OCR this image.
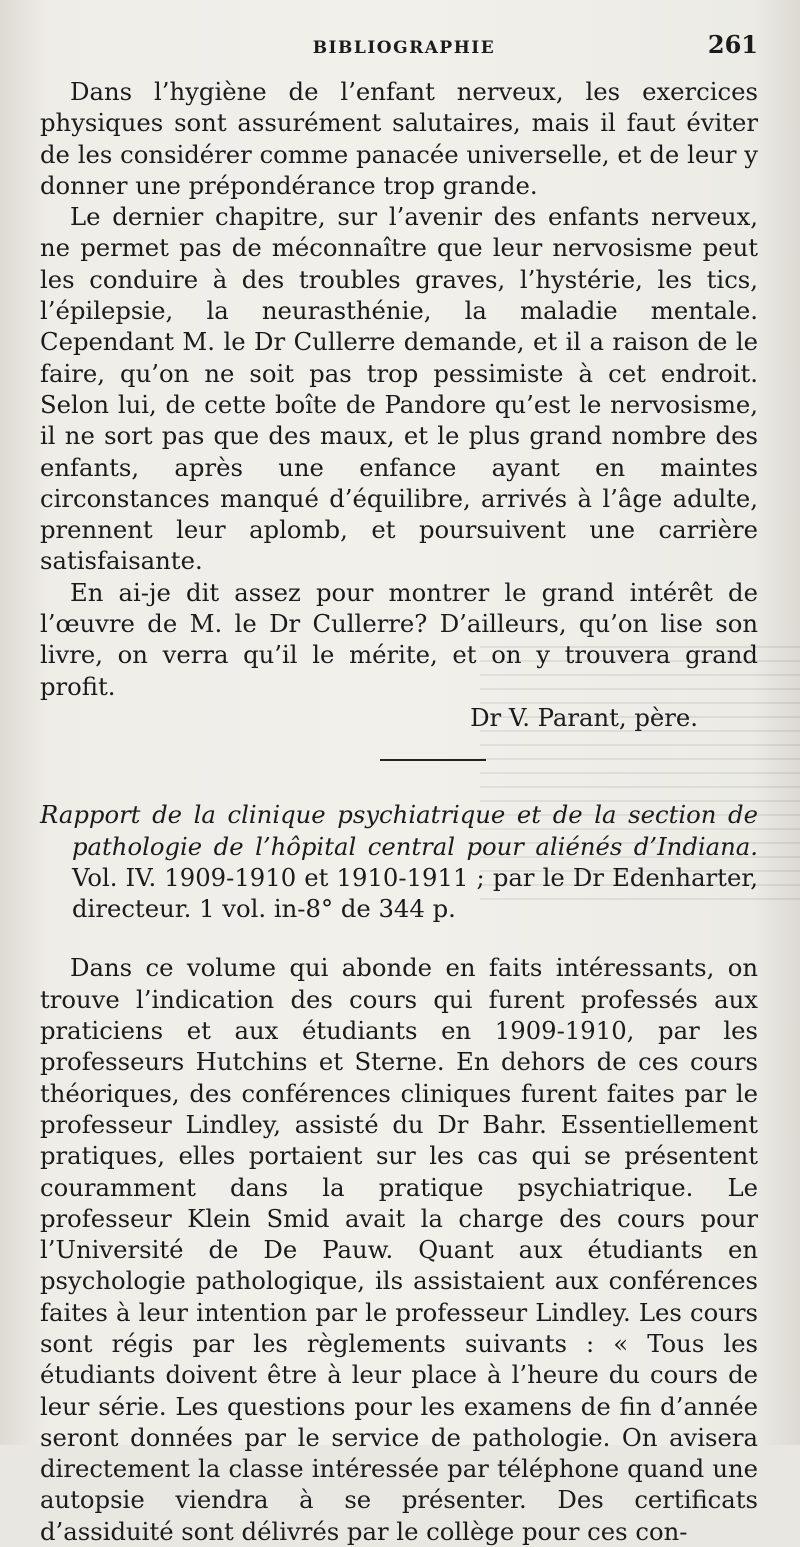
BIBLIOGRAPHIE	261

Dans l’hygiène de l’enfant nerveux, les exercices physiques sont assurément salutaires, mais il faut éviter de les considérer comme panacée universelle, et de leur y donner une prépondérance trop grande.

Le dernier chapitre, sur l’avenir des enfants nerveux, ne permet pas de méconnaître que leur nervosisme peut les conduire à des troubles graves, l’hystérie, les tics, l’épilepsie, la neurasthénie, la maladie mentale. Cependant M. le Dr Cullerre demande, et il a raison de le faire, qu’on ne soit pas trop pessimiste à cet endroit. Selon lui, de cette boîte de Pandore qu’est le nervosisme, il ne sort pas que des maux, et le plus grand nombre des enfants, après une enfance ayant en maintes circonstances manqué d’équilibre, arrivés à l’âge adulte, prennent leur aplomb, et poursuivent une carrière satisfaisante.

En ai-je dit assez pour montrer le grand intérêt de l’œuvre de M. le Dr Cullerre? D’ailleurs, qu’on lise son livre, on verra qu’il le mérite, et on y trouvera grand profit.

Dr V. Parant, père.
Rapport de la clinique psychiatrique et de la section de
pathologie de l’hôpital central pour aliénés d’Indiana.
Vol. IV. 1909-1910 et 1910-1911 ; par le Dr Edenharter,
directeur. 1 vol. in-8° de 344 p.

Dans ce volume qui abonde en faits intéressants, on trouve l’indication des cours qui furent professés aux praticiens et aux étudiants en 1909-1910, par les professeurs Hutchins et Sterne. En dehors de ces cours théoriques, des conférences cliniques furent faites par le professeur Lindley, assisté du Dr Bahr. Essentiellement pratiques, elles portaient sur les cas qui se présentent couramment dans la pratique psychiatrique. Le professeur Klein Smid avait la charge des cours pour l’Université de De Pauw. Quant aux étudiants en psychologie pathologique, ils assistaient aux conférences faites à leur intention par le professeur Lindley. Les cours sont régis par les règlements suivants : « Tous les étudiants doivent être à leur place à l’heure du cours de leur série. Les questions pour les examens de fin d’année seront données par le service de pathologie. On avisera directement la classe intéressée par téléphone quand une autopsie viendra à se présenter. Des certificats d’assiduité sont délivrés par le collège pour ces con-
